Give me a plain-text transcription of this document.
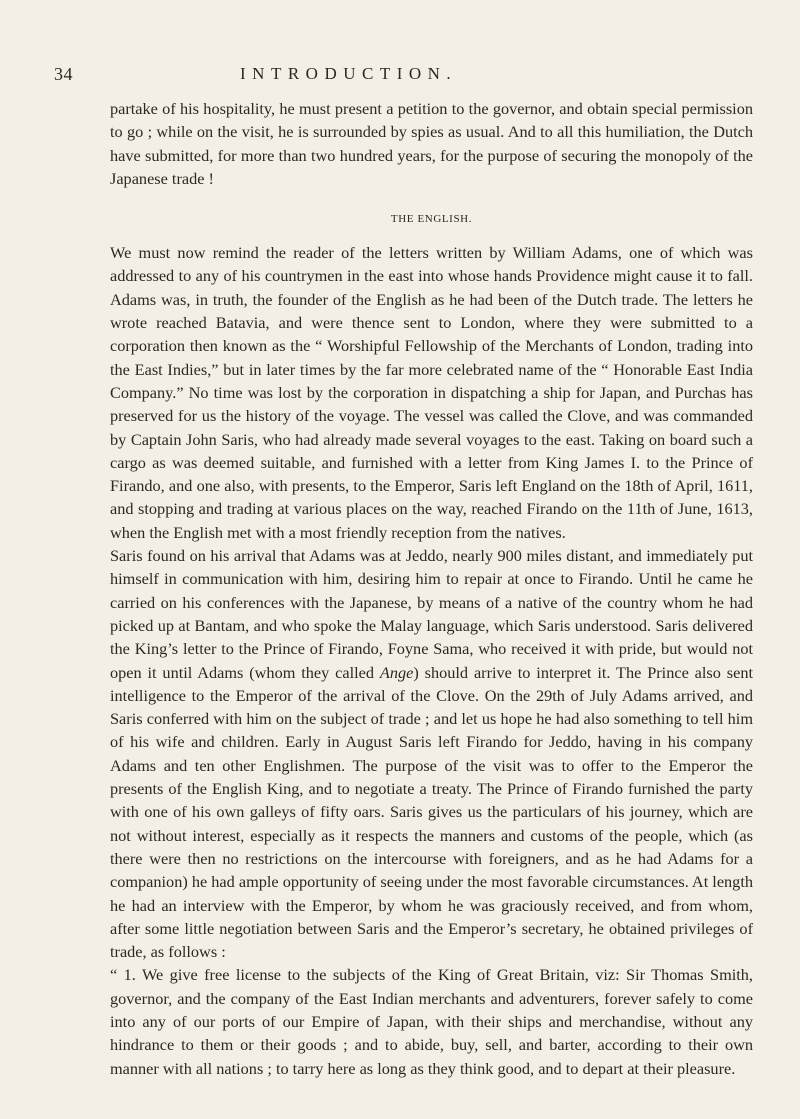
34	INTRODUCTION.

partake of his hospitality, he must present a petition to the governor, and obtain special permission to go ; while on the visit, he is surrounded by spies as usual. And to all this humiliation, the Dutch have submitted, for more than two hundred years, for the purpose of securing the monopoly of the Japanese trade !

THE ENGLISH.

We must now remind the reader of the letters written by William Adams, one of which was addressed to any of his countrymen in the east into whose hands Providence might cause it to fall. Adams was, in truth, the founder of the English as he had been of the Dutch trade. The letters he wrote reached Batavia, and were thence sent to London, where they were submitted to a corporation then known as the “ Worshipful Fellowship of the Merchants of London, trading into the East Indies,” but in later times by the far more celebrated name of the “ Honorable East India Company.” No time was lost by the corporation in dispatching a ship for Japan, and Purchas has preserved for us the history of the voyage. The vessel was called the Clove, and was commanded by Captain John Saris, who had already made several voyages to the east. Taking on board such a cargo as was deemed suitable, and furnished with a letter from King James I. to the Prince of Firando, and one also, with presents, to the Emperor, Saris left England on the 18th of April, 1611, and stopping and trading at various places on the way, reached Firando on the 11th of June, 1613, when the English met with a most friendly reception from the natives.

Saris found on his arrival that Adams was at Jeddo, nearly 900 miles distant, and immediately put himself in communication with him, desiring him to repair at once to Firando. Until he came he carried on his conferences with the Japanese, by means of a native of the country whom he had picked up at Bantam, and who spoke the Malay language, which Saris understood. Saris delivered the King’s letter to the Prince of Firando, Foyne Sama, who received it with pride, but would not open it until Adams (whom they called Ange) should arrive to interpret it. The Prince also sent intelligence to the Emperor of the arrival of the Clove. On the 29th of July Adams arrived, and Saris conferred with him on the subject of trade ; and let us hope he had also something to tell him of his wife and children. Early in August Saris left Firando for Jeddo, having in his company Adams and ten other Englishmen. The purpose of the visit was to offer to the Emperor the presents of the English King, and to negotiate a treaty. The Prince of Firando furnished the party with one of his own galleys of fifty oars. Saris gives us the particulars of his journey, which are not without interest, especially as it respects the manners and customs of the people, which (as there were then no restrictions on the intercourse with foreigners, and as he had Adams for a companion) he had ample opportunity of seeing under the most favorable circumstances. At length he had an interview with the Emperor, by whom he was graciously received, and from whom, after some little negotiation between Saris and the Emperor’s secretary, he obtained privileges of trade, as follows :

“ 1. We give free license to the subjects of the King of Great Britain, viz: Sir Thomas Smith, governor, and the company of the East Indian merchants and adventurers, forever safely to come into any of our ports of our Empire of Japan, with their ships and merchandise, without any hindrance to them or their goods ; and to abide, buy, sell, and barter, according to their own manner with all nations ; to tarry here as long as they think good, and to depart at their pleasure.
